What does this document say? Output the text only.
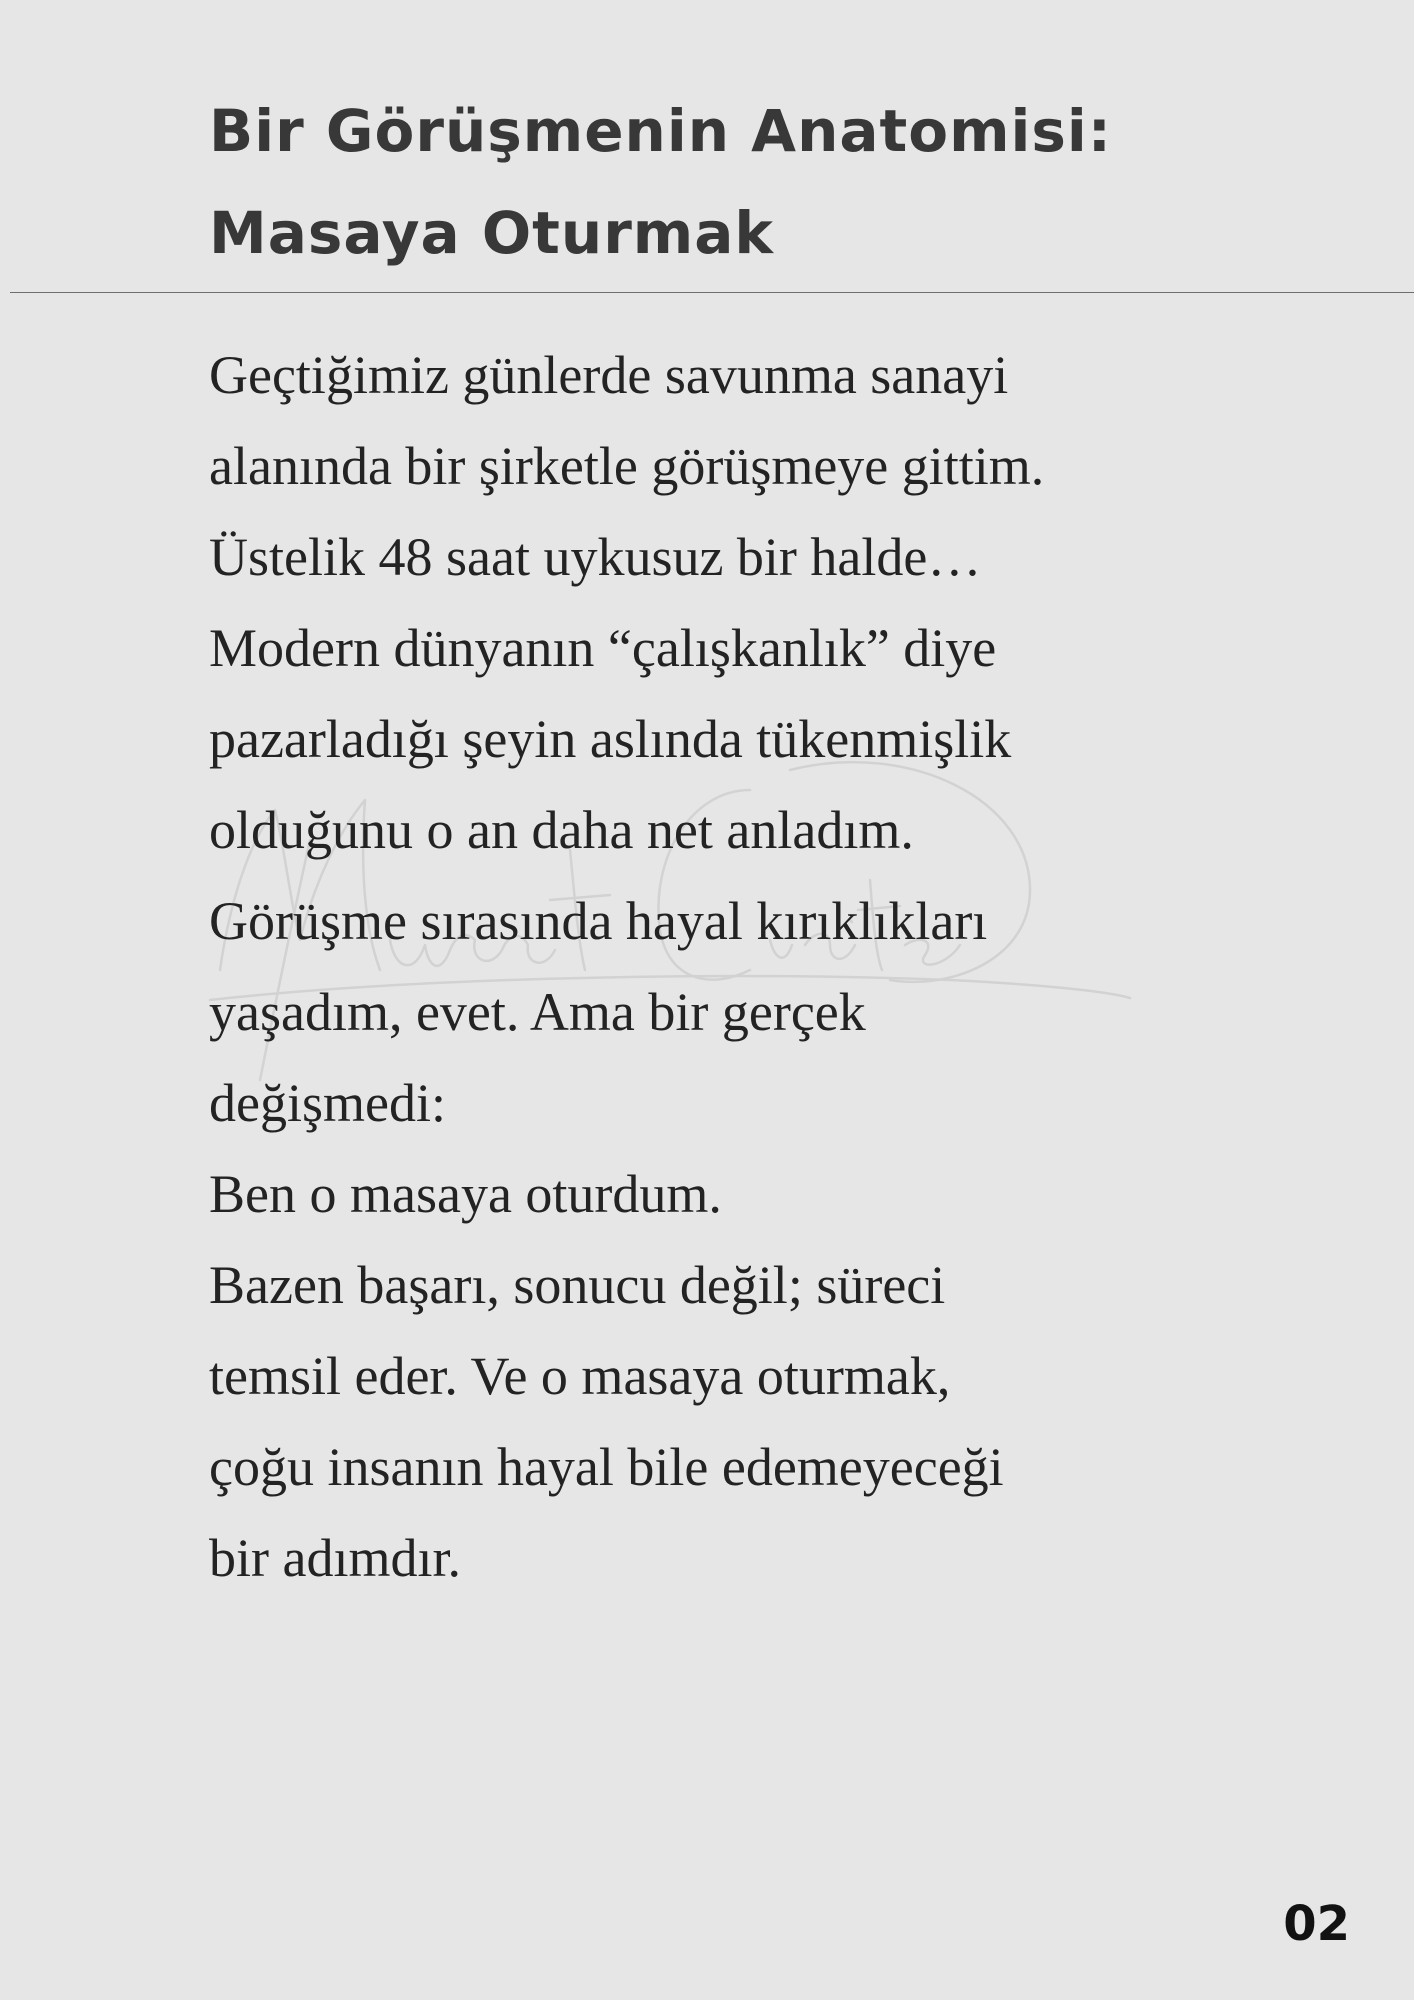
Bir Görüşmenin Anatomisi:
Masaya Oturmak
Geçtiğimiz günlerde savunma sanayi
alanında bir şirketle görüşmeye gittim.
Üstelik 48 saat uykusuz bir halde…
Modern dünyanın “çalışkanlık” diye
pazarladığı şeyin aslında tükenmişlik
olduğunu o an daha net anladım.
Görüşme sırasında hayal kırıklıkları
yaşadım, evet. Ama bir gerçek
değişmedi:
Ben o masaya oturdum.
Bazen başarı, sonucu değil; süreci
temsil eder. Ve o masaya oturmak,
çoğu insanın hayal bile edemeyeceği
bir adımdır.
02
